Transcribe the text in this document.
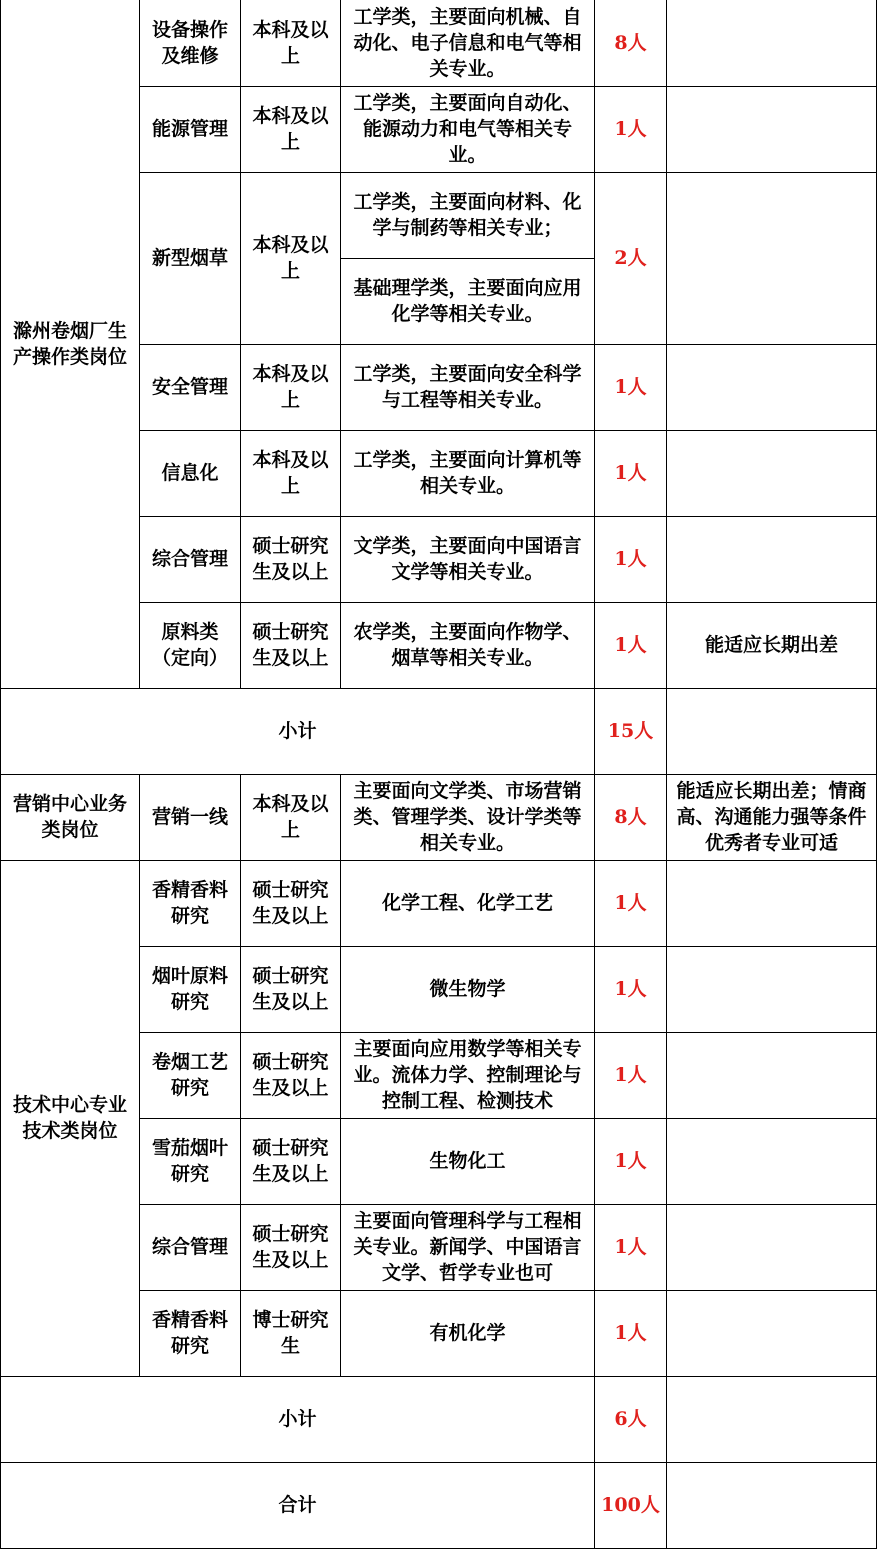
滁州卷烟厂生产操作类岗位	设备操作及维修	本科及以上	工学类，主要面向机械、自动化、电子信息和电气等相关专业。	8人	
	能源管理	本科及以上	工学类，主要面向自动化、能源动力和电气等相关专业。	1人	
	新型烟草	本科及以上	工学类，主要面向材料、化学与制药等相关专业；	2人	
			基础理学类，主要面向应用化学等相关专业。		
	安全管理	本科及以上	工学类，主要面向安全科学与工程等相关专业。	1人	
	信息化	本科及以上	工学类，主要面向计算机等相关专业。	1人	
	综合管理	硕士研究生及以上	文学类，主要面向中国语言文学等相关专业。	1人	
	原料类（定向）	硕士研究生及以上	农学类，主要面向作物学、烟草等相关专业。	1人	能适应长期出差
小计				15人	
营销中心业务类岗位	营销一线	本科及以上	主要面向文学类、市场营销类、管理学类、设计学类等相关专业。	8人	能适应长期出差；情商高、沟通能力强等条件优秀者专业可适
技术中心专业技术类岗位	香精香料研究	硕士研究生及以上	化学工程、化学工艺	1人	
	烟叶原料研究	硕士研究生及以上	微生物学	1人	
	卷烟工艺研究	硕士研究生及以上	主要面向应用数学等相关专业。流体力学、控制理论与控制工程、检测技术	1人	
	雪茄烟叶研究	硕士研究生及以上	生物化工	1人	
	综合管理	硕士研究生及以上	主要面向管理科学与工程相关专业。新闻学、中国语言文学、哲学专业也可	1人	
	香精香料研究	博士研究生	有机化学	1人	
小计				6人	
合计				100人	
